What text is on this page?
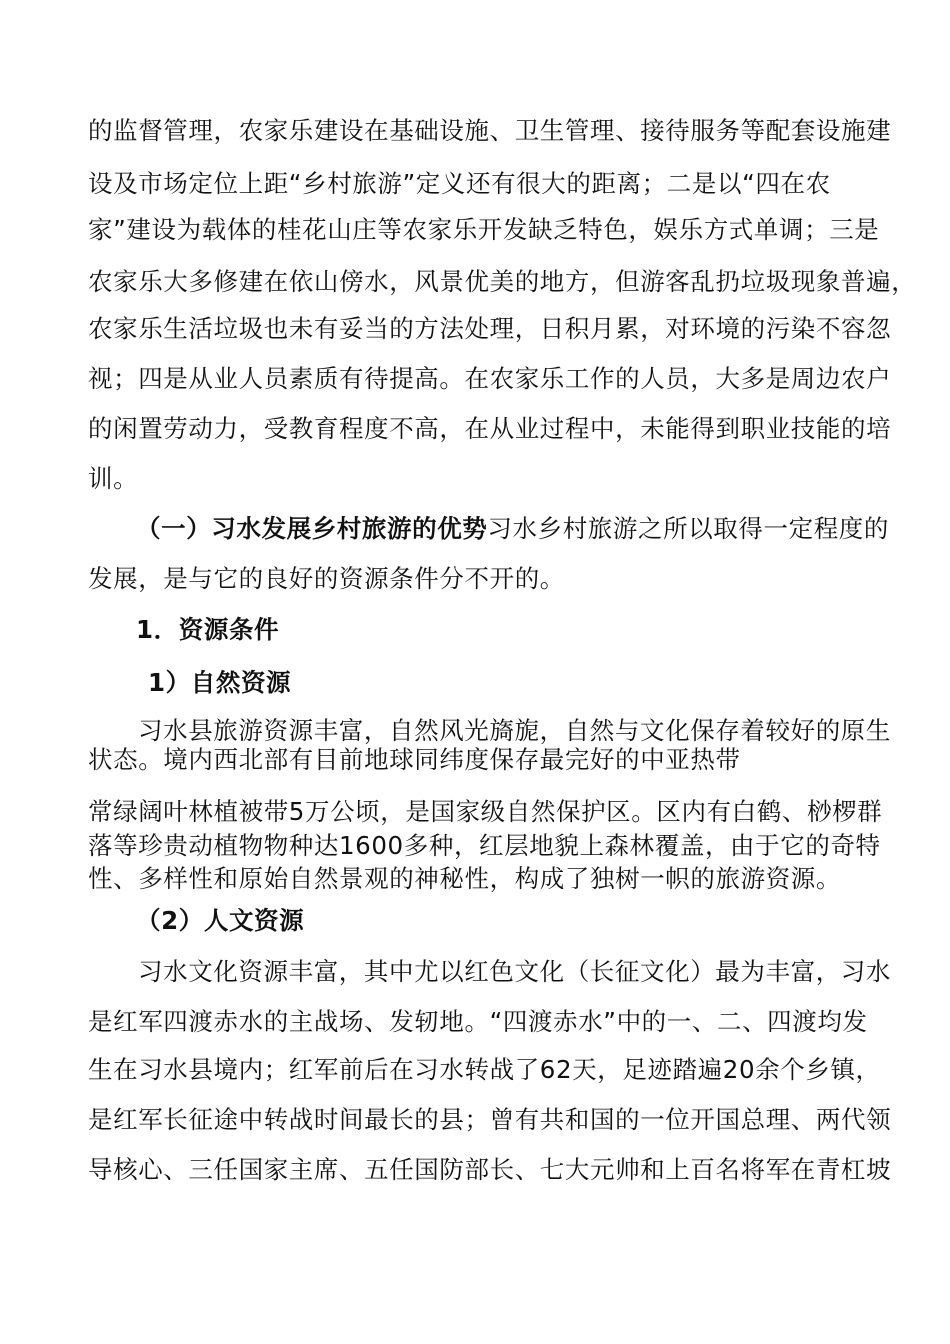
的监督管理，农家乐建设在基础设施、卫生管理、接待服务等配套设施建

设及市场定位上距“乡村旅游”定义还有很大的距离；二是以“四在农

家”建设为载体的桂花山庄等农家乐开发缺乏特色，娱乐方式单调；三是

农家乐大多修建在依山傍水，风景优美的地方，但游客乱扔垃圾现象普遍，

农家乐生活垃圾也未有妥当的方法处理，日积月累，对环境的污染不容忽

视；四是从业人员素质有待提高。在农家乐工作的人员，大多是周边农户

的闲置劳动力，受教育程度不高，在从业过程中，未能得到职业技能的培

训。

（一）习水发展乡村旅游的优势习水乡村旅游之所以取得一定程度的

发展，是与它的良好的资源条件分不开的。

1．资源条件

1）自然资源

习水县旅游资源丰富，自然风光旖旎，自然与文化保存着较好的原生

状态。境内西北部有目前地球同纬度保存最完好的中亚热带

常绿阔叶林植被带5万公顷，是国家级自然保护区。区内有白鹤、桫椤群

落等珍贵动植物物种达1600多种，红层地貌上森林覆盖，由于它的奇特

性、多样性和原始自然景观的神秘性，构成了独树一帜的旅游资源。

（2）人文资源

习水文化资源丰富，其中尤以红色文化（长征文化）最为丰富，习水

是红军四渡赤水的主战场、发轫地。“四渡赤水”中的一、二、四渡均发

生在习水县境内；红军前后在习水转战了62天，足迹踏遍20余个乡镇，

是红军长征途中转战时间最长的县；曾有共和国的一位开国总理、两代领

导核心、三任国家主席、五任国防部长、七大元帅和上百名将军在青杠坡
